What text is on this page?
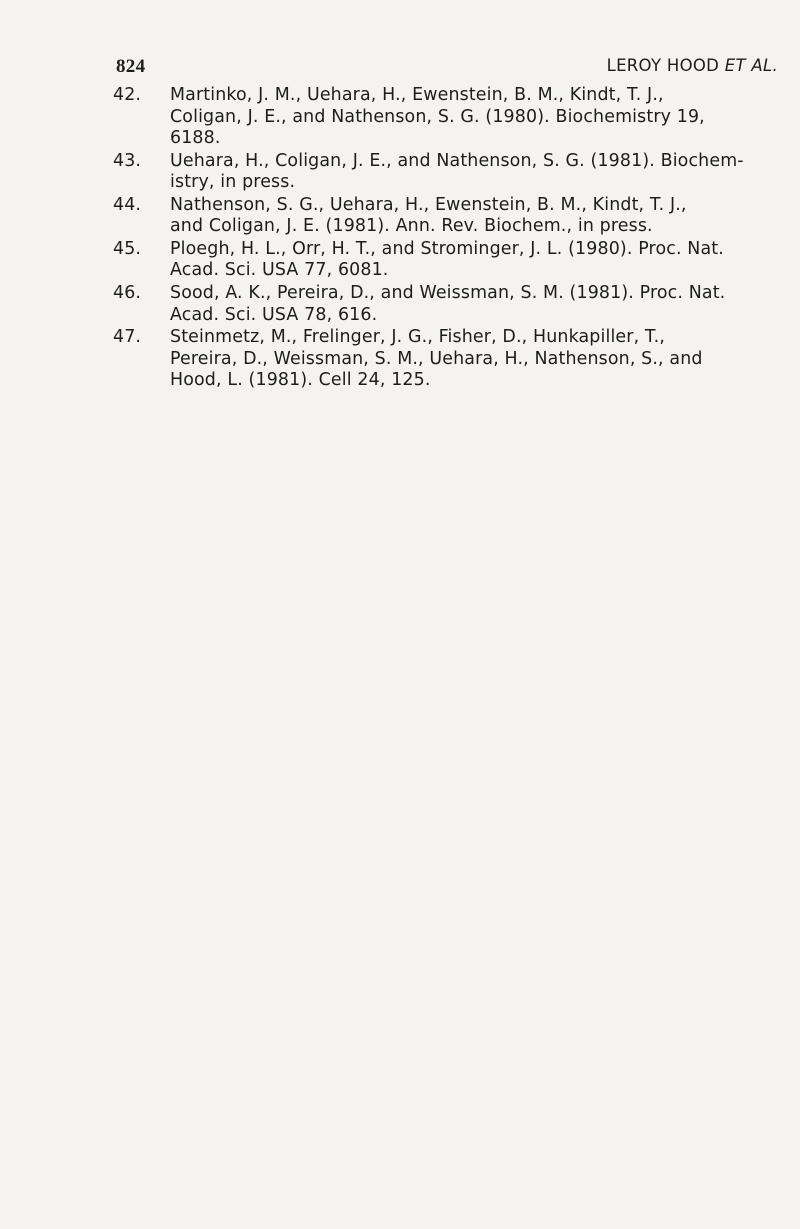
824	LEROY HOOD ET AL.
42. Martinko, J. M., Uehara, H., Ewenstein, B. M., Kindt, T. J.,
Coligan, J. E., and Nathenson, S. G. (1980). Biochemistry 19,
6188.
43. Uehara, H., Coligan, J. E., and Nathenson, S. G. (1981). Biochem-
istry, in press.
44. Nathenson, S. G., Uehara, H., Ewenstein, B. M., Kindt, T. J.,
and Coligan, J. E. (1981). Ann. Rev. Biochem., in press.
45. Ploegh, H. L., Orr, H. T., and Strominger, J. L. (1980). Proc. Nat.
Acad. Sci. USA 77, 6081.
46. Sood, A. K., Pereira, D., and Weissman, S. M. (1981). Proc. Nat.
Acad. Sci. USA 78, 616.
47. Steinmetz, M., Frelinger, J. G., Fisher, D., Hunkapiller, T.,
Pereira, D., Weissman, S. M., Uehara, H., Nathenson, S., and
Hood, L. (1981). Cell 24, 125.
